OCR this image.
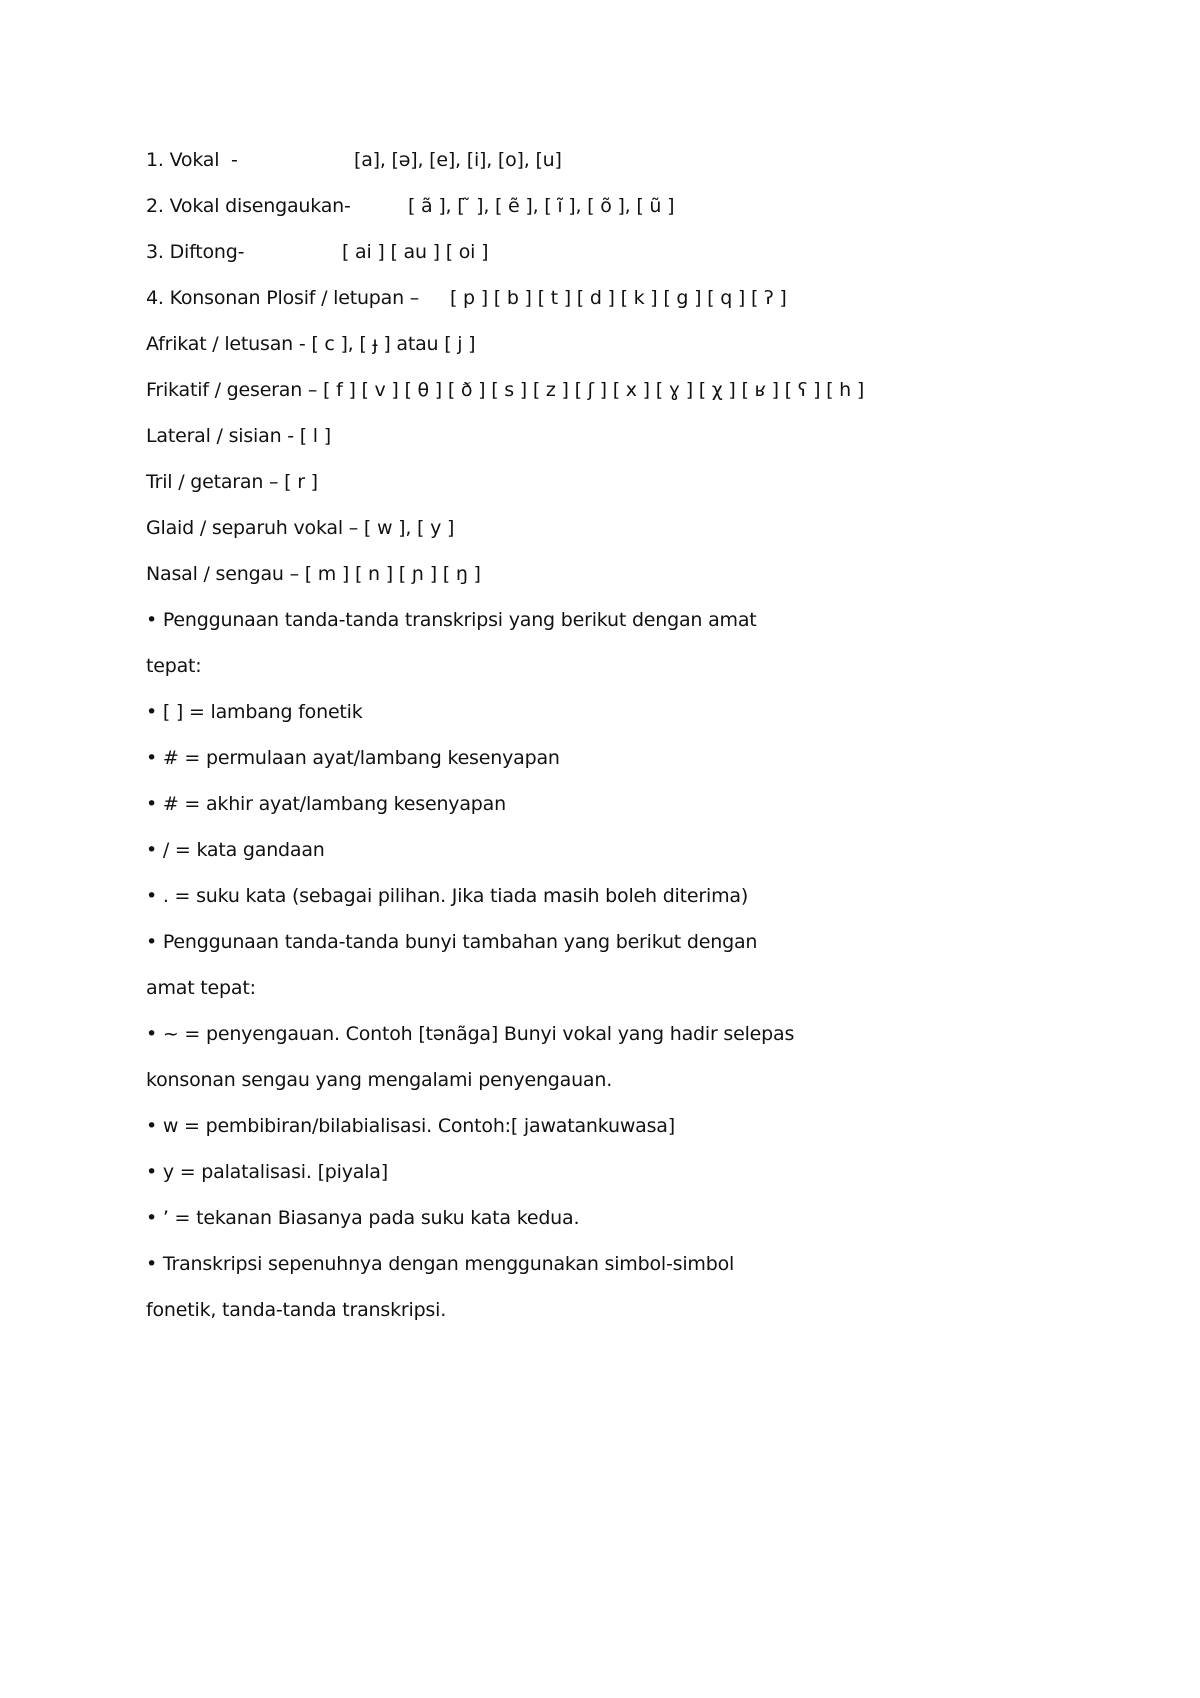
1. Vokal  -	[a], [ə], [e], [i], [o], [u]
2. Vokal disengaukan-	[ ã ], [ ̃ ], [ ẽ ], [ ĩ ], [ õ ], [ ũ ]
3. Diftong-	[ ai ] [ au ] [ oi ]
4. Konsonan Plosif / letupan – [ p ] [ b ] [ t ] [ d ] [ k ] [ g ] [ q ] [ ʔ ]
Afrikat / letusan - [ c ], [ ɟ ] atau [ j ]
Frikatif / geseran – [ f ] [ v ] [ θ ] [ ð ] [ s ] [ z ] [ ʃ ] [ x ] [ ɣ ] [ χ ] [ ʁ ] [ ʕ ] [ h ]
Lateral / sisian - [ l ]
Tril / getaran – [ r ]
Glaid / separuh vokal – [ w ], [ y ]
Nasal / sengau – [ m ] [ n ] [ ɲ ] [ ŋ ]
• Penggunaan tanda-tanda transkripsi yang berikut dengan amat
tepat:
• [ ] = lambang fonetik
• # = permulaan ayat/lambang kesenyapan
• # = akhir ayat/lambang kesenyapan
• / = kata gandaan
• . = suku kata (sebagai pilihan. Jika tiada masih boleh diterima)
• Penggunaan tanda-tanda bunyi tambahan yang berikut dengan
amat tepat:
• ~ = penyengauan. Contoh [tənãga] Bunyi vokal yang hadir selepas
konsonan sengau yang mengalami penyengauan.
• w = pembibiran/bilabialisasi. Contoh:[ jawatankuwasa]
• y = palatalisasi. [piyala]
• ’ = tekanan Biasanya pada suku kata kedua.
• Transkripsi sepenuhnya dengan menggunakan simbol-simbol
fonetik, tanda-tanda transkripsi.
